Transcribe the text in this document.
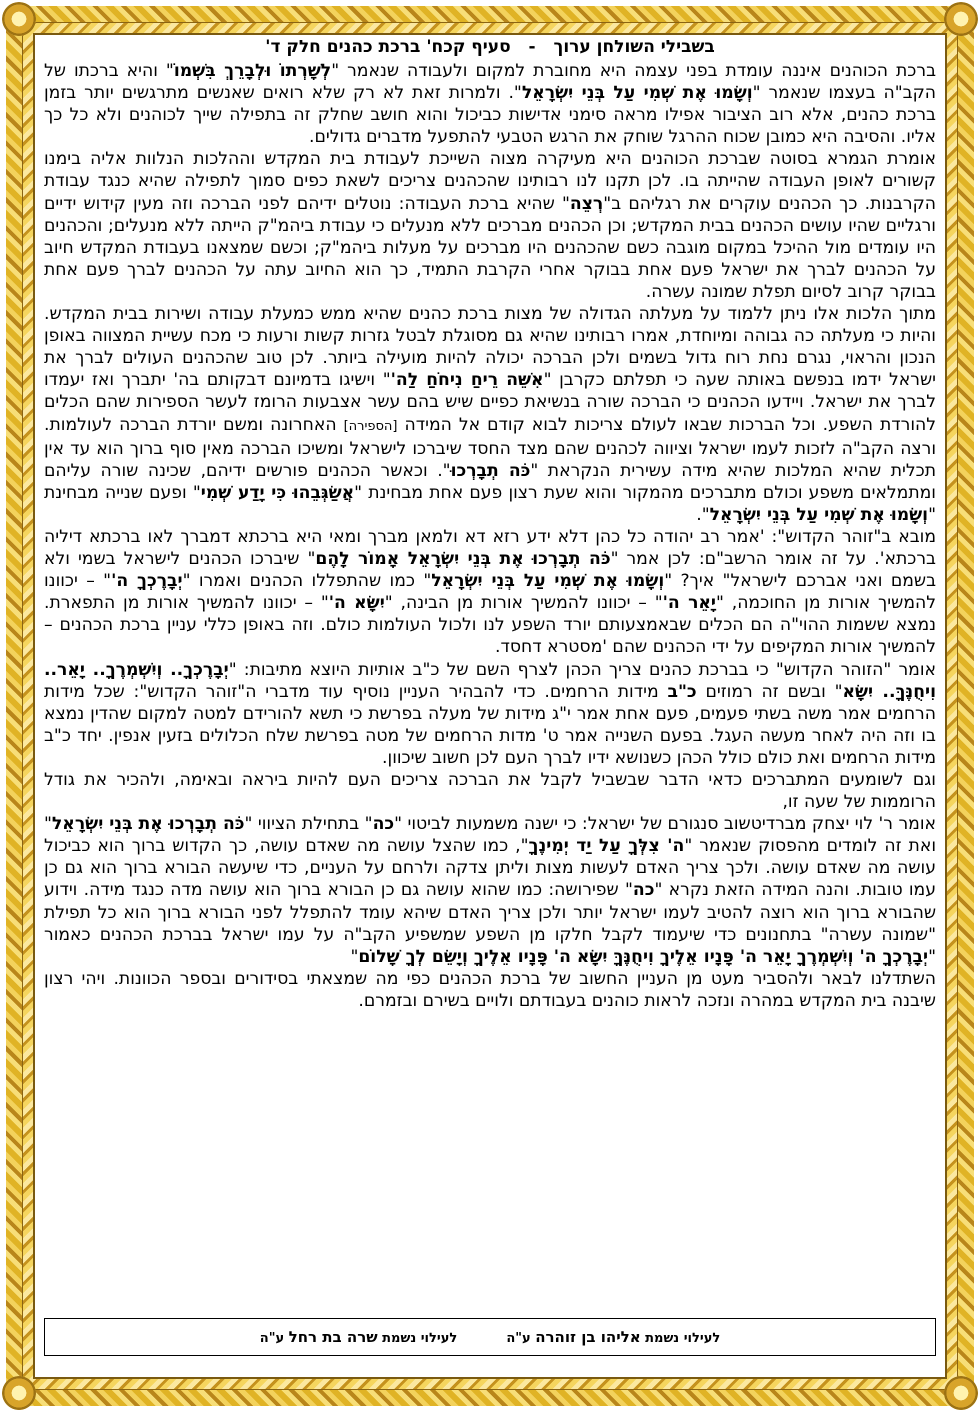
בשבילי השולחן ערוך - סעיף קכח' ברכת כהנים חלק ד'

ברכת הכוהנים איננה עומדת בפני עצמה היא מחוברת למקום ולעבודה שנאמר "לְשָׁרְתוֹ וּלְבָרֵךְ בִּשְׁמוֹ" והיא ברכתו של הקב"ה בעצמו שנאמר "וְשָׂמוּ אֶת שְׁמִי עַל בְּנֵי יִשְׂרָאֵל". ולמרות זאת לא רק שלא רואים שאנשים מתרגשים יותר בזמן ברכת כהנים, אלא רוב הציבור אפילו מראה סימני אדישות כביכול והוא חושב שחלק זה בתפילה שייך לכוהנים ולא כל כך אליו. והסיבה היא כמובן שכוח ההרגל שוחק את הרגש הטבעי להתפעל מדברים גדולים.

אומרת הגמרא בסוטה שברכת הכוהנים היא מעיקרה מצוה השייכת לעבודת בית המקדש וההלכות הנלוות אליה בימנו קשורים לאופן העבודה שהייתה בו. לכן תקנו לנו רבותינו שהכהנים צריכים לשאת כפים סמוך לתפילה שהיא כנגד עבודת הקרבנות. כך הכהנים עוקרים את רגליהם ב"רְצֵה" שהיא ברכת העבודה: נוטלים ידיהם לפני הברכה וזה מעין קידוש ידיים ורגליים שהיו עושים הכהנים בבית המקדש; וכן הכהנים מברכים ללא מנעלים כי עבודת ביהמ"ק הייתה ללא מנעלים; והכהנים היו עומדים מול ההיכל במקום מוגבה כשם שהכהנים היו מברכים על מעלות ביהמ"ק; וכשם שמצאנו בעבודת המקדש חיוב על הכהנים לברך את ישראל פעם אחת בבוקר אחרי הקרבת התמיד, כך הוא החיוב עתה על הכהנים לברך פעם אחת בבוקר קרוב לסיום תפלת שמונה עשרה.

מתוך הלכות אלו ניתן ללמוד על מעלתה הגדולה של מצות ברכת כהנים שהיא ממש כמעלת עבודה ושירות בבית המקדש. והיות כי מעלתה כה גבוהה ומיוחדת, אמרו רבותינו שהיא גם מסוגלת לבטל גזרות קשות ורעות כי מכח עשיית המצווה באופן הנכון והראוי, נגרם נחת רוח גדול בשמים ולכן הברכה יכולה להיות מועילה ביותר. לכן טוב שהכהנים העולים לברך את ישראל ידמו בנפשם באותה שעה כי תפלתם כקרבן "אִשֵּׁה רֵיחַ נִיחֹחַ לַה'" וישיגו בדמיונם דבקותם בה' יתברך ואז יעמדו לברך את ישראל. ויידעו הכהנים כי הברכה שורה בנשיאת כפיים שיש בהם עשר אצבעות הרומז לעשר הספירות שהם הכלים להורדת השפע. וכל הברכות שבאו לעולם צריכות לבוא קודם אל המידה [הספירה] האחרונה ומשם יורדת הברכה לעולמות. ורצה הקב"ה לזכות לעמו ישראל וציווה לכהנים שהם מצד החסד שיברכו לישראל ומשיכו הברכה מאין סוף ברוך הוא עד אין תכלית שהיא המלכות שהיא מידה עשירית הנקראת "כֹּה תְבָרְכוּ". וכאשר הכהנים פורשים ידיהם, שכינה שורה עליהם ומתמלאים משפע וכולם מתברכים מהמקור והוא שעת רצון פעם אחת מבחינת "אֲשַׂגְּבֵהוּ כִּי יָדַע שְׁמִי" ופעם שנייה מבחינת "וְשָׂמוּ אֶת שְׁמִי עַל בְּנֵי יִשְׂרָאֵל".

מובא ב"זוהר הקדוש": 'אמר רב יהודה כל כהן דלא ידע רזא דא ולמאן מברך ומאי היא ברכתא דמברך לאו ברכתא דיליה ברכתא'. על זה אומר הרשב"ם: לכן אמר "כֹּה תְבָרְכוּ אֶת בְּנֵי יִשְׂרָאֵל אָמוֹר לָהֶם" שיברכו הכהנים לישראל בשמי ולא בשמם ואני אברכם לישראל" איך? "וְשָׂמוּ אֶת שְׁמִי עַל בְּנֵי יִשְׂרָאֵל" כמו שהתפללו הכהנים ואמרו "יְבָרֶכְךָ ה'" – יכוונו להמשיך אורות מן החוכמה, "יָאֵר ה'" – יכוונו להמשיך אורות מן הבינה, "יִשָּׂא ה'" – יכוונו להמשיך אורות מן התפארת. נמצא ששמות ההוי"ה הם הכלים שבאמצעותם יורד השפע לנו ולכול העולמות כולם. וזה באופן כללי עניין ברכת הכהנים – להמשיך אורות המקיפים על ידי הכהנים שהם 'מסטרא דחסד.

אומר "הזוהר הקדוש" כי בברכת כהנים צריך הכהן לצרף השם של כ"ב אותיות היוצא מתיבות: "יְבָרֶכְךָ.. וְיִשְׁמְרֶךָ.. יָאֵר.. וִיחֻנֶּךָּ.. יִשָּׂא" ובשם זה רמוזים כ"ב מידות הרחמים. כדי להבהיר העניין נוסיף עוד מדברי ה"זוהר הקדוש": שכל מידות הרחמים אמר משה בשתי פעמים, פעם אחת אמר י"ג מידות של מעלה בפרשת כי תשא להורידם למטה למקום שהדין נמצא בו וזה היה לאחר מעשה העגל. בפעם השנייה אמר ט' מדות הרחמים של מטה בפרשת שלח הכלולים בזעין אנפין. יחד כ"ב מידות הרחמים ואת כולם כולל הכהן כשנושא ידיו לברך העם לכן חשוב שיכוון.

וגם לשומעים המתברכים כדאי הדבר שבשביל לקבל את הברכה צריכים העם להיות ביראה ובאימה, ולהכיר את גודל הרוממות של שעה זו,

אומר ר' לוי יצחק מברדיטשוב סנגורם של ישראל: כי ישנה משמעות לביטוי "כה" בתחילת הציווי "כֹּה תְבָרְכוּ אֶת בְּנֵי יִשְׂרָאֵל" ואת זה לומדים מהפסוק שנאמר "ה' צִלְּךָ עַל יַד יְמִינֶךָ", כמו שהצל עושה מה שאדם עושה, כך הקדוש ברוך הוא כביכול עושה מה שאדם עושה. ולכך צריך האדם לעשות מצות וליתן צדקה ולרחם על העניים, כדי שיעשה הבורא ברוך הוא גם כן עמו טובות. והנה המידה הזאת נקרא "כה" שפירושה: כמו שהוא עושה גם כן הבורא ברוך הוא עושה מדה כנגד מידה. וידוע שהבורא ברוך הוא רוצה להטיב לעמו ישראל יותר ולכן צריך האדם שיהא עומד להתפלל לפני הבורא ברוך הוא כל תפילת "שמונה עשרה" בתחנונים כדי שיעמוד לקבל חלקו מן השפע שמשפיע הקב"ה על עמו ישראל בברכת הכהנים כאמור "יְבָרֶכְךָ ה' וְיִשְׁמְרֶךָ יָאֵר ה' פָּנָיו אֵלֶיךָ וִיחֻנֶּךָּ יִשָּׂא ה' פָּנָיו אֵלֶיךָ וְיָשֵׂם לְךָ שָׁלוֹם"

השתדלנו לבאר ולהסביר מעט מן העניין החשוב של ברכת הכהנים כפי מה שמצאתי בסידורים ובספר הכוונות. ויהי רצון שיבנה בית המקדש במהרה ונזכה לראות כוהנים בעבודתם ולויים בשירם ובזמרם.

לעילוי נשמת אליהו בן זוהרה ע"ה  לעילוי נשמת שרה בת רחל ע"ה
